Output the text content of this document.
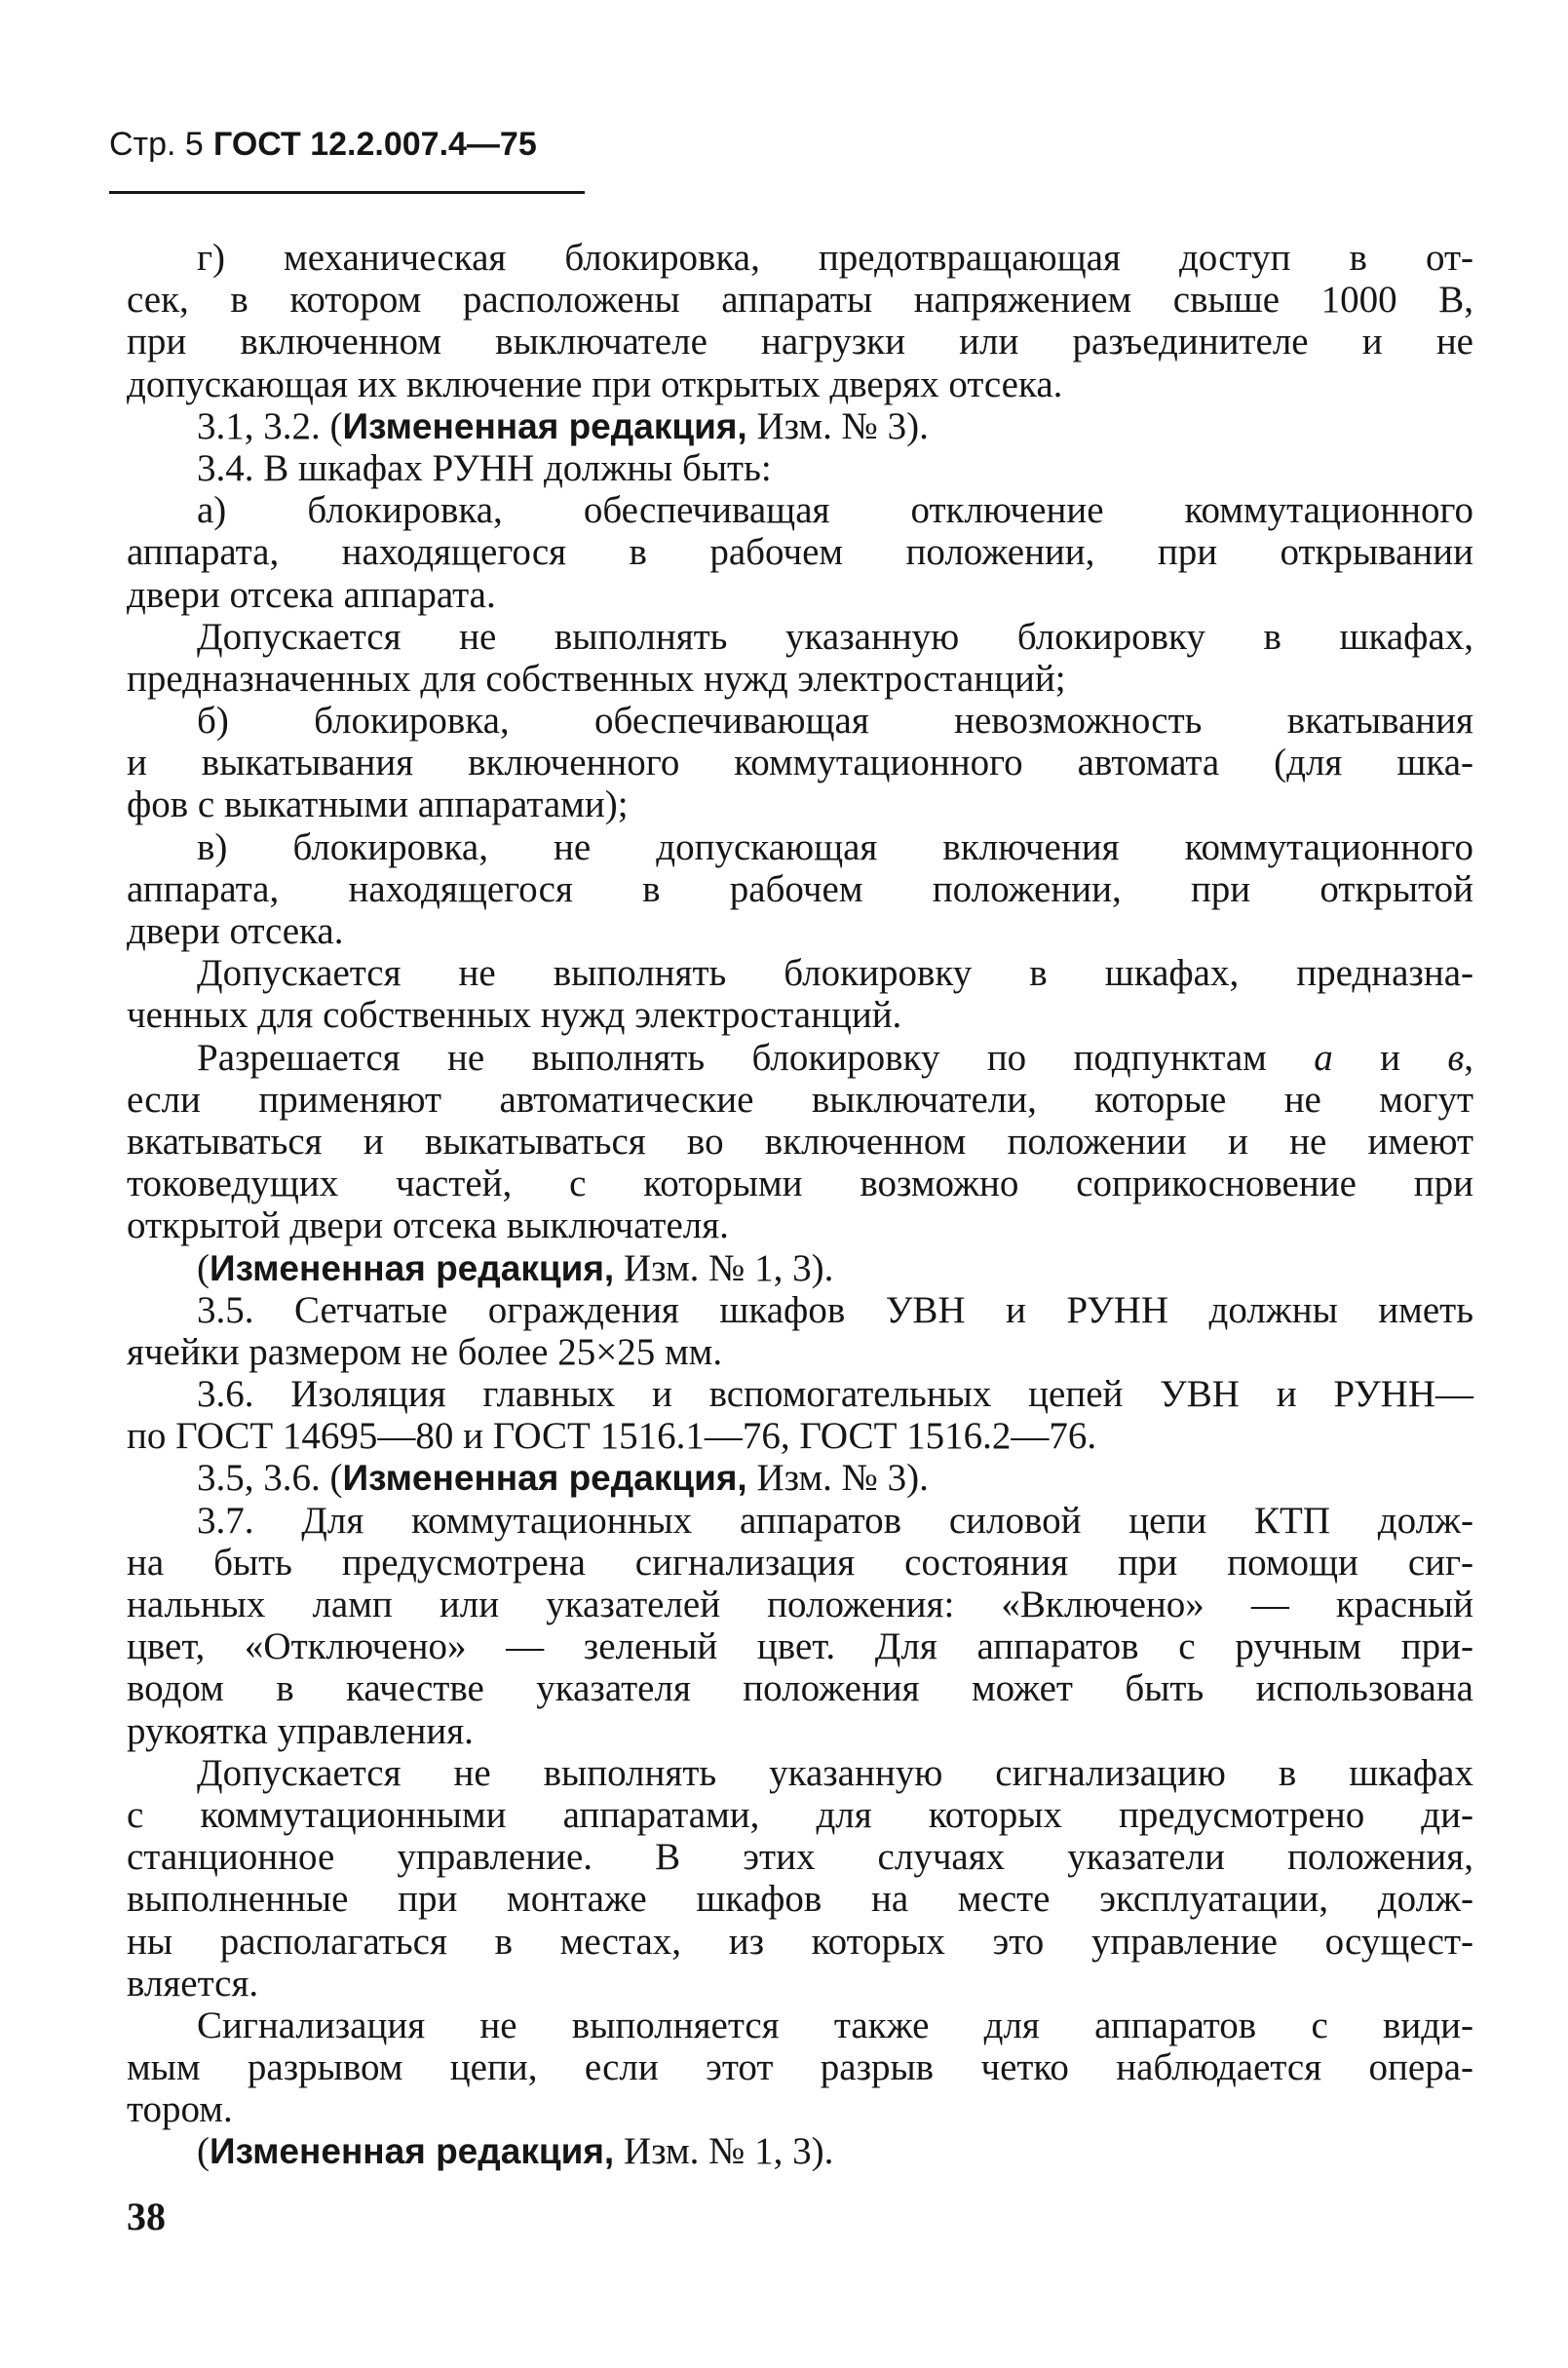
Стр. 5 ГОСТ 12.2.007.4—75
г) механическая блокировка, предотвращающая доступ в от-
сек, в котором расположены аппараты напряжением свыше 1000 В,
при включенном выключателе нагрузки или разъединителе и не
допускающая их включение при открытых дверях отсека.
3.1, 3.2. (Измененная редакция, Изм. № 3).
3.4. В шкафах РУНН должны быть:
а) блокировка, обеспечиващая отключение коммутационного
аппарата, находящегося в рабочем положении, при открывании
двери отсека аппарата.
Допускается не выполнять указанную блокировку в шкафах,
предназначенных для собственных нужд электростанций;
б) блокировка, обеспечивающая невозможность вкатывания
и выкатывания включенного коммутационного автомата (для шка-
фов с выкатными аппаратами);
в) блокировка, не допускающая включения коммутационного
аппарата, находящегося в рабочем положении, при открытой
двери отсека.
Допускается не выполнять блокировку в шкафах, предназна-
ченных для собственных нужд электростанций.
Разрешается не выполнять блокировку по подпунктам а и в,
если применяют автоматические выключатели, которые не могут
вкатываться и выкатываться во включенном положении и не имеют
токоведущих частей, с которыми возможно соприкосновение при
открытой двери отсека выключателя.
(Измененная редакция, Изм. № 1, 3).
3.5. Сетчатые ограждения шкафов УВН и РУНН должны иметь
ячейки размером не более 25×25 мм.
3.6. Изоляция главных и вспомогательных цепей УВН и РУНН—
по ГОСТ 14695—80 и ГОСТ 1516.1—76, ГОСТ 1516.2—76.
3.5, 3.6. (Измененная редакция, Изм. № 3).
3.7. Для коммутационных аппаратов силовой цепи КТП долж-
на быть предусмотрена сигнализация состояния при помощи сиг-
нальных ламп или указателей положения: «Включено» — красный
цвет, «Отключено» — зеленый цвет. Для аппаратов с ручным при-
водом в качестве указателя положения может быть использована
рукоятка управления.
Допускается не выполнять указанную сигнализацию в шкафах
с коммутационными аппаратами, для которых предусмотрено ди-
станционное управление. В этих случаях указатели положения,
выполненные при монтаже шкафов на месте эксплуатации, долж-
ны располагаться в местах, из которых это управление осущест-
вляется.
Сигнализация не выполняется также для аппаратов с види-
мым разрывом цепи, если этот разрыв четко наблюдается опера-
тором.
(Измененная редакция, Изм. № 1, 3).
38
